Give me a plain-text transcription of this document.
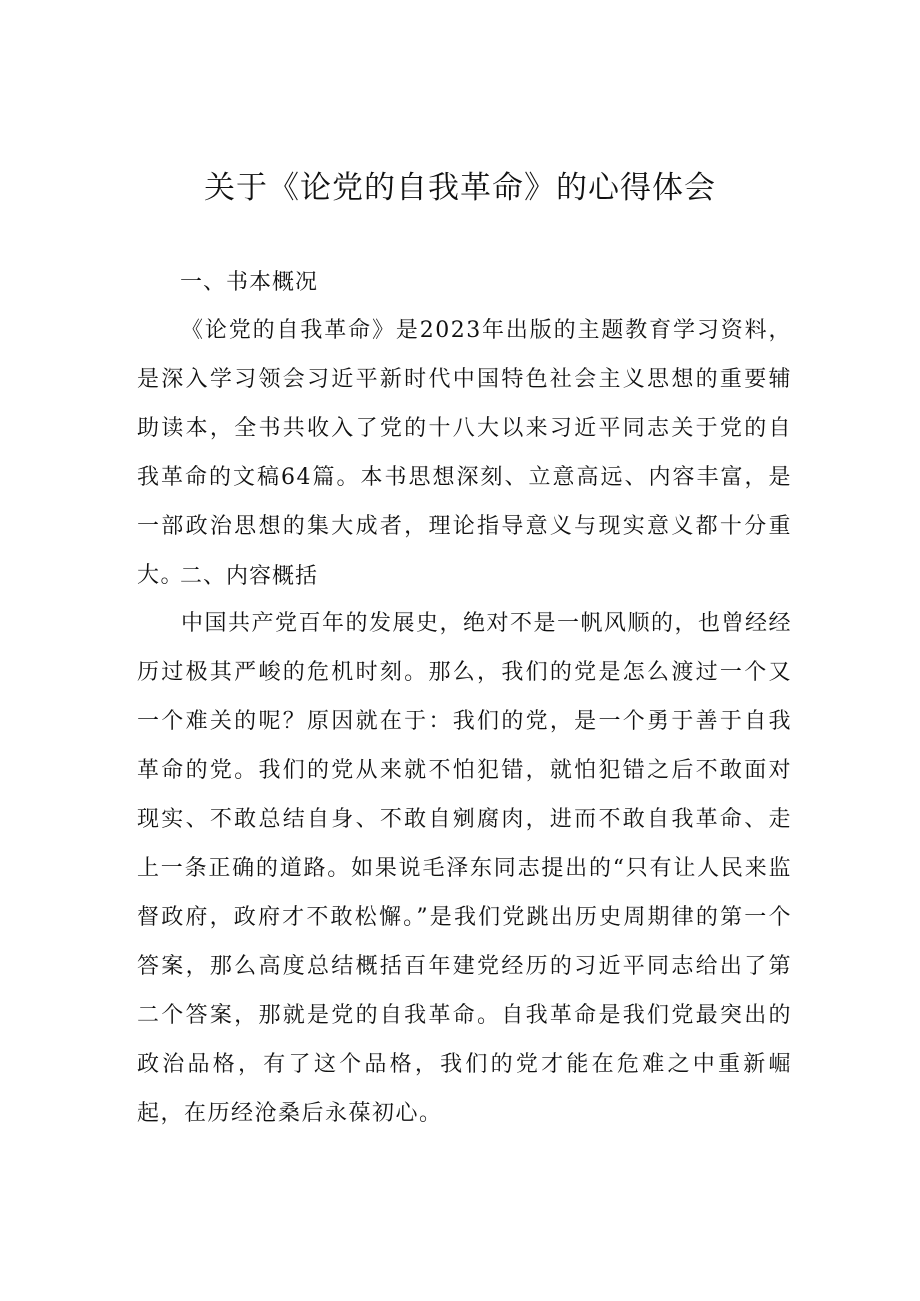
关于《论党的自我革命》的心得体会
一、书本概况

《论党的自我革命》是2023年出版的主题教育学习资料，是深入学习领会习近平新时代中国特色社会主义思想的重要辅助读本，全书共收入了党的十八大以来习近平同志关于党的自我革命的文稿64篇。本书思想深刻、立意高远、内容丰富，是一部政治思想的集大成者，理论指导意义与现实意义都十分重大。

二、内容概括

中国共产党百年的发展史，绝对不是一帆风顺的，也曾经经历过极其严峻的危机时刻。那么，我们的党是怎么渡过一个又一个难关的呢？原因就在于：我们的党，是一个勇于善于自我革命的党。我们的党从来就不怕犯错，就怕犯错之后不敢面对现实、不敢总结自身、不敢自剜腐肉，进而不敢自我革命、走上一条正确的道路。如果说毛泽东同志提出的“只有让人民来监督政府，政府才不敢松懈。”是我们党跳出历史周期律的第一个答案，那么高度总结概括百年建党经历的习近平同志给出了第二个答案，那就是党的自我革命。自我革命是我们党最突出的政治品格，有了这个品格，我们的党才能在危难之中重新崛起，在历经沧桑后永葆初心。
